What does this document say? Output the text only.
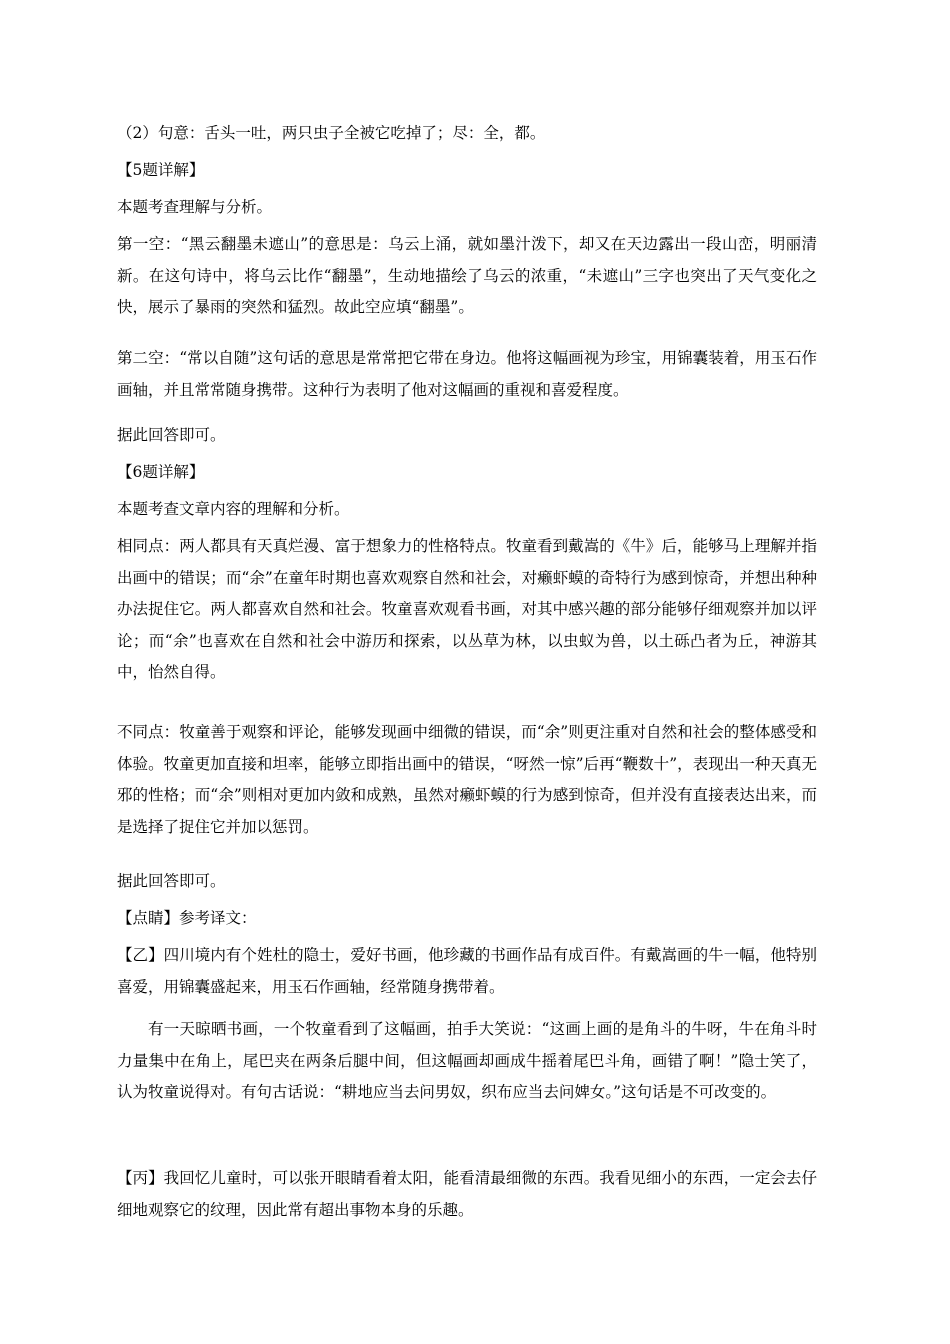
（2）句意：舌头一吐，两只虫子全被它吃掉了；尽：全，都。

【5题详解】

本题考查理解与分析。

第一空：“黑云翻墨未遮山”的意思是：乌云上涌，就如墨汁泼下，却又在天边露出一段山峦，明丽清新。在这句诗中，将乌云比作“翻墨”，生动地描绘了乌云的浓重，“未遮山”三字也突出了天气变化之快，展示了暴雨的突然和猛烈。故此空应填“翻墨”。

第二空：“常以自随”这句话的意思是常常把它带在身边。他将这幅画视为珍宝，用锦囊装着，用玉石作画轴，并且常常随身携带。这种行为表明了他对这幅画的重视和喜爱程度。

据此回答即可。

【6题详解】

本题考查文章内容的理解和分析。

相同点：两人都具有天真烂漫、富于想象力的性格特点。牧童看到戴嵩的《牛》后，能够马上理解并指出画中的错误；而“余”在童年时期也喜欢观察自然和社会，对癞虾蟆的奇特行为感到惊奇，并想出种种办法捉住它。两人都喜欢自然和社会。牧童喜欢观看书画，对其中感兴趣的部分能够仔细观察并加以评论；而“余”也喜欢在自然和社会中游历和探索，以丛草为林，以虫蚁为兽，以土砾凸者为丘，神游其中，怡然自得。

不同点：牧童善于观察和评论，能够发现画中细微的错误，而“余”则更注重对自然和社会的整体感受和体验。牧童更加直接和坦率，能够立即指出画中的错误，“呀然一惊”后再“鞭数十”，表现出一种天真无邪的性格；而“余”则相对更加内敛和成熟，虽然对癞虾蟆的行为感到惊奇，但并没有直接表达出来，而是选择了捉住它并加以惩罚。

据此回答即可。

【点睛】参考译文：

【乙】四川境内有个姓杜的隐士，爱好书画，他珍藏的书画作品有成百件。有戴嵩画的牛一幅，他特别喜爱，用锦囊盛起来，用玉石作画轴，经常随身携带着。

有一天晾晒书画，一个牧童看到了这幅画，拍手大笑说：“这画上画的是角斗的牛呀，牛在角斗时力量集中在角上，尾巴夹在两条后腿中间，但这幅画却画成牛摇着尾巴斗角，画错了啊！”隐士笑了，认为牧童说得对。有句古话说：“耕地应当去问男奴，织布应当去问婢女。”这句话是不可改变的。

【丙】我回忆儿童时，可以张开眼睛看着太阳，能看清最细微的东西。我看见细小的东西，一定会去仔细地观察它的纹理，因此常有超出事物本身的乐趣。
